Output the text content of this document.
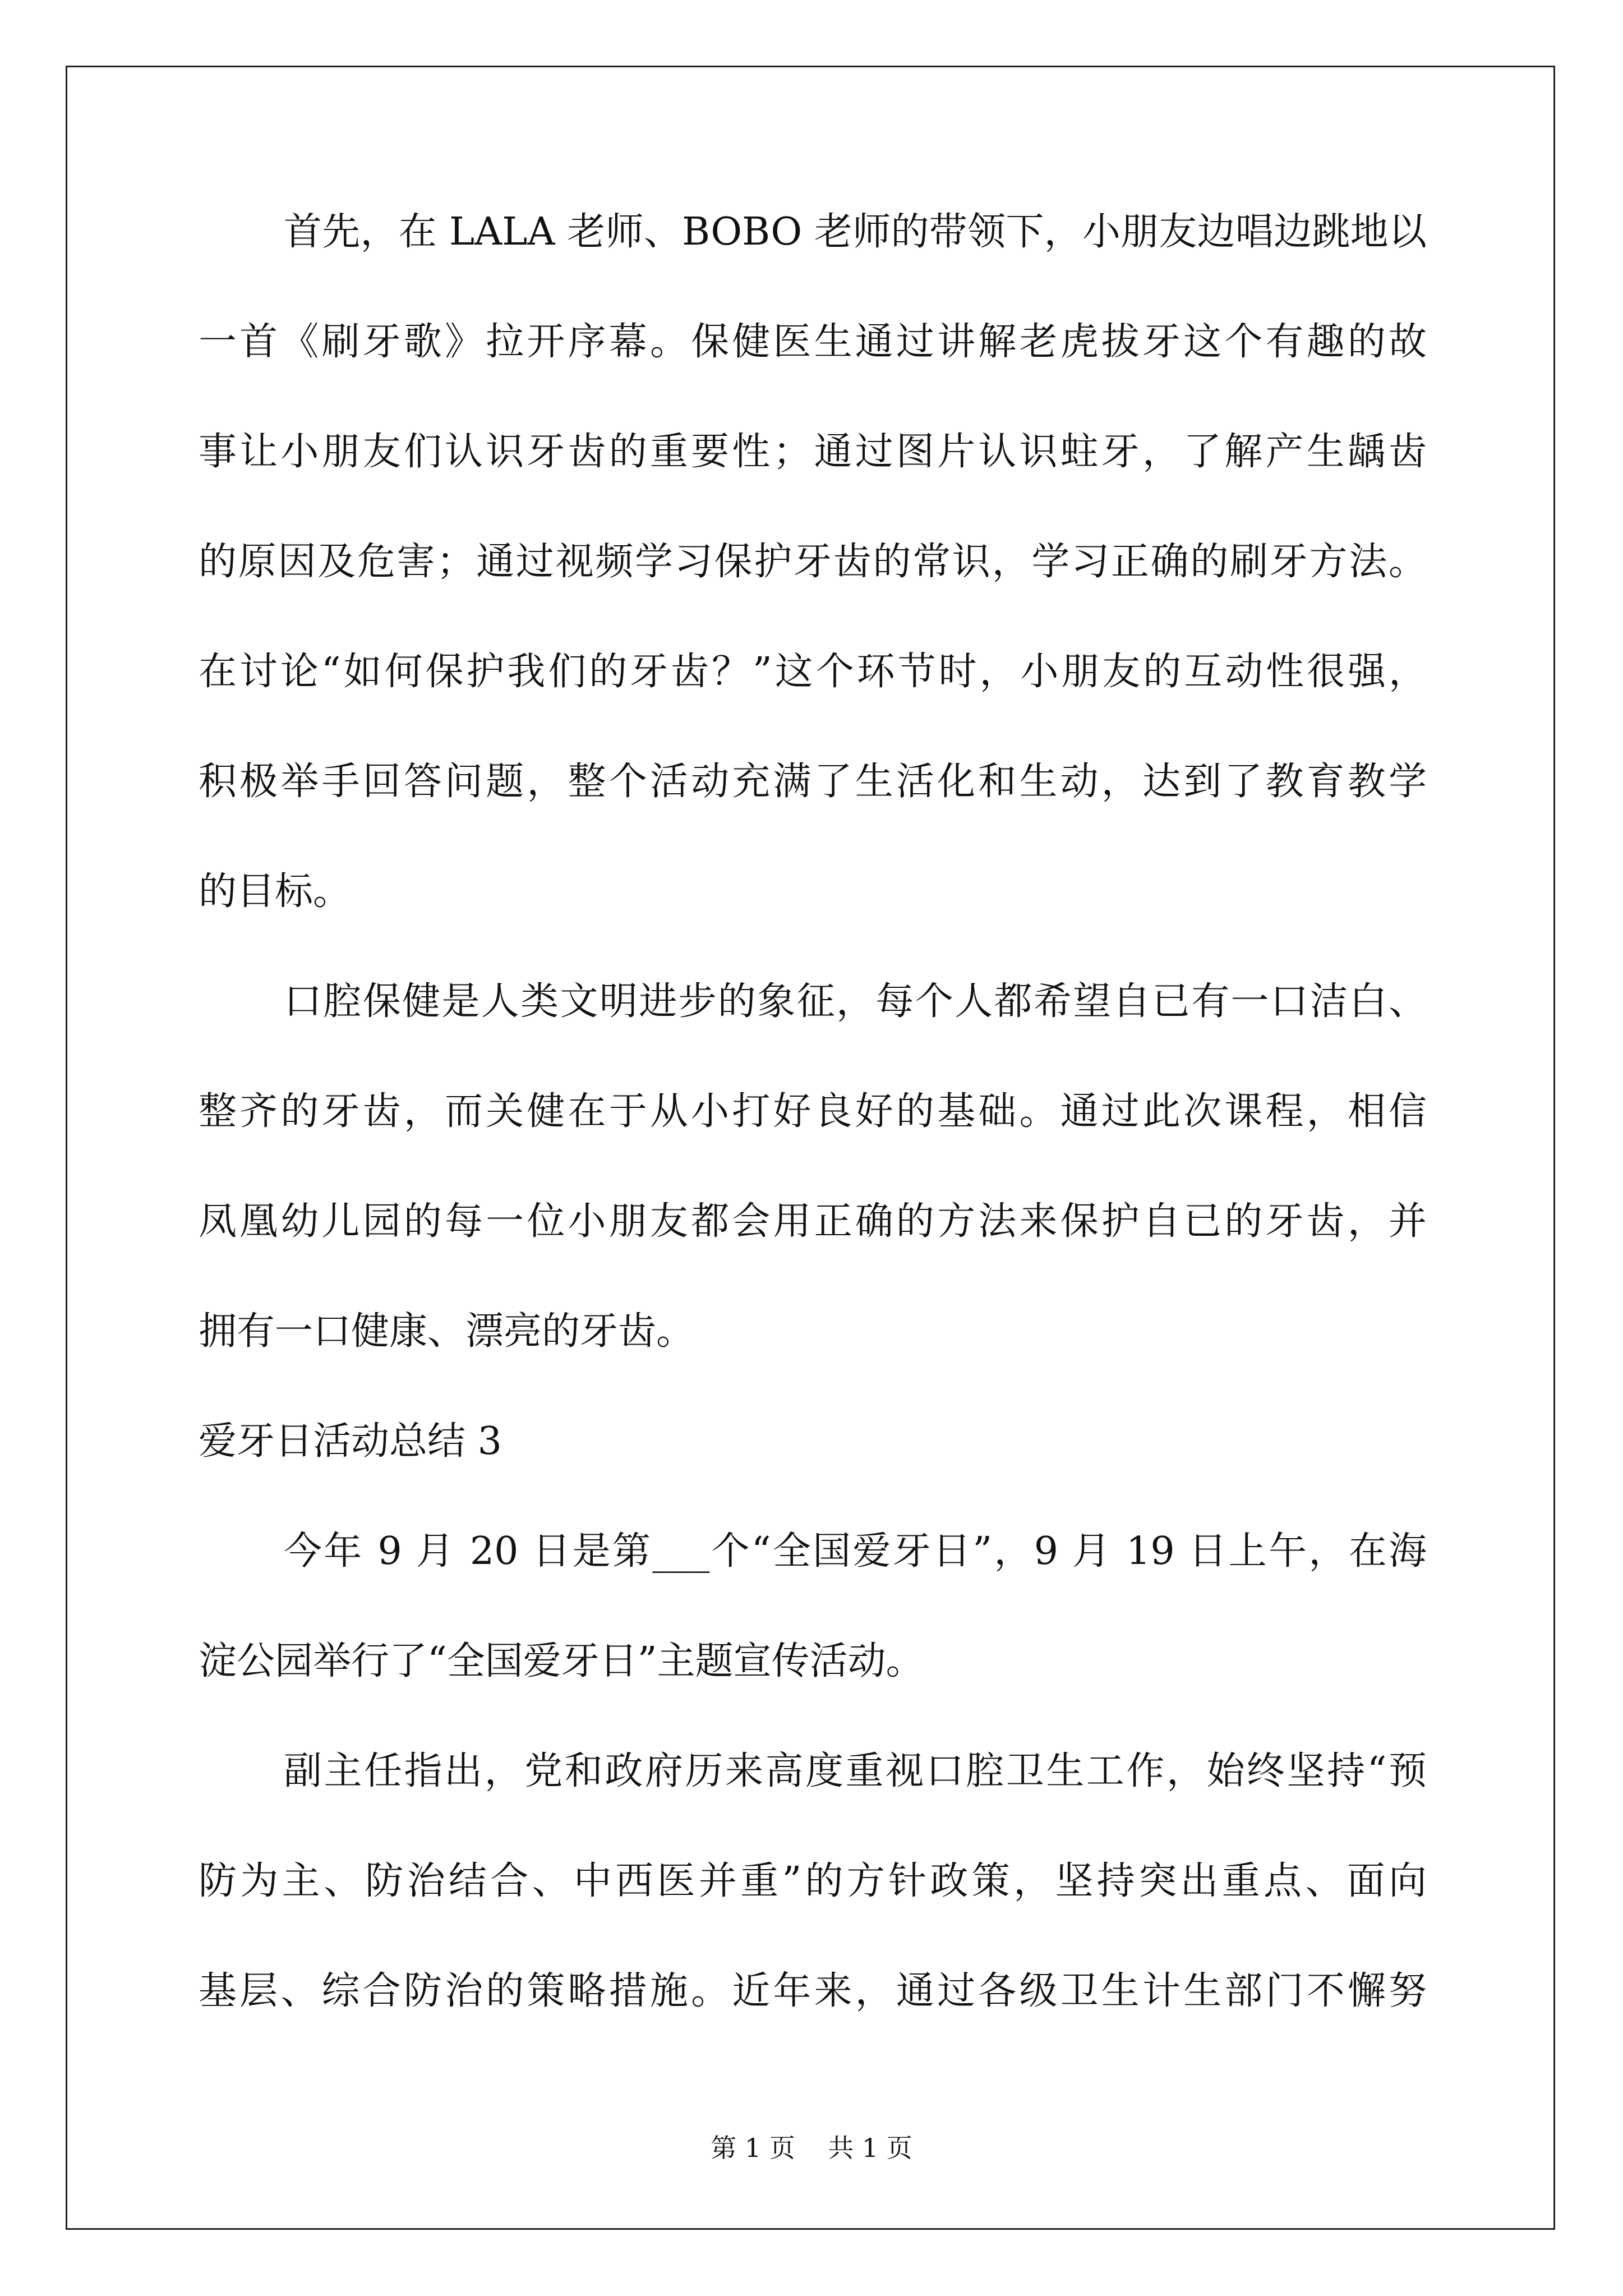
首先，在 LALA 老师、BOBO 老师的带领下，小朋友边唱边跳地以
一首《刷牙歌》拉开序幕。保健医生通过讲解老虎拔牙这个有趣的故
事让小朋友们认识牙齿的重要性；通过图片认识蛀牙，了解产生龋齿
的原因及危害；通过视频学习保护牙齿的常识，学习正确的刷牙方法。
在讨论“如何保护我们的牙齿？”这个环节时，小朋友的互动性很强，
积极举手回答问题，整个活动充满了生活化和生动，达到了教育教学
的目标。
口腔保健是人类文明进步的象征，每个人都希望自已有一口洁白、
整齐的牙齿，而关健在于从小打好良好的基础。通过此次课程，相信
凤凰幼儿园的每一位小朋友都会用正确的方法来保护自已的牙齿，并
拥有一口健康、漂亮的牙齿。
爱牙日活动总结 3
今年 9 月 20 日是第___个“全国爱牙日”，9 月 19 日上午，在海
淀公园举行了“全国爱牙日”主题宣传活动。
副主任指出，党和政府历来高度重视口腔卫生工作，始终坚持“预
防为主、防治结合、中西医并重”的方针政策，坚持突出重点、面向
基层、综合防治的策略措施。近年来，通过各级卫生计生部门不懈努
第 1 页    共 1 页
